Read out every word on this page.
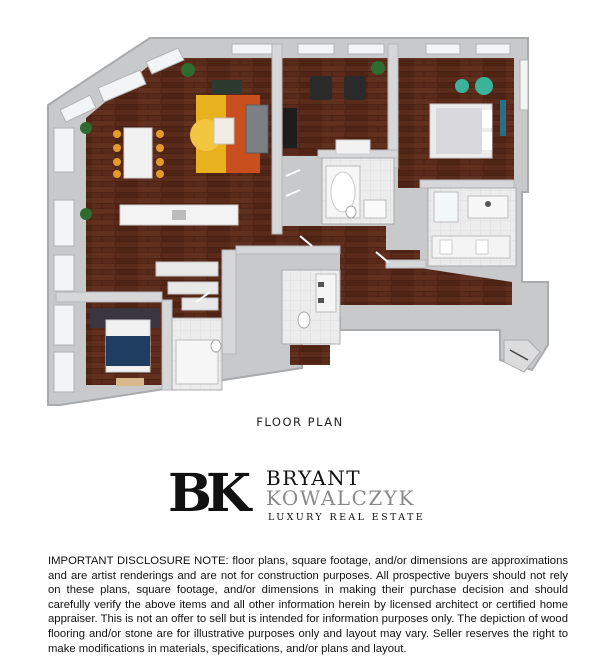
FLOOR PLAN
BK BRYANT
KOWALCZYK
LUXURY REAL ESTATE

IMPORTANT DISCLOSURE NOTE: floor plans, square footage, and/or dimensions are approximations and are artist renderings and are not for construction purposes. All prospective buyers should not rely on these plans, square footage, and/or dimensions in making their purchase decision and should carefully verify the above items and all other information herein by licensed architect or certified home appraiser. This is not an offer to sell but is intended for information purposes only. The depiction of wood flooring and/or stone are for illustrative purposes only and layout may vary. Seller reserves the right to make modifications in materials, specifications, and/or plans and layout.
